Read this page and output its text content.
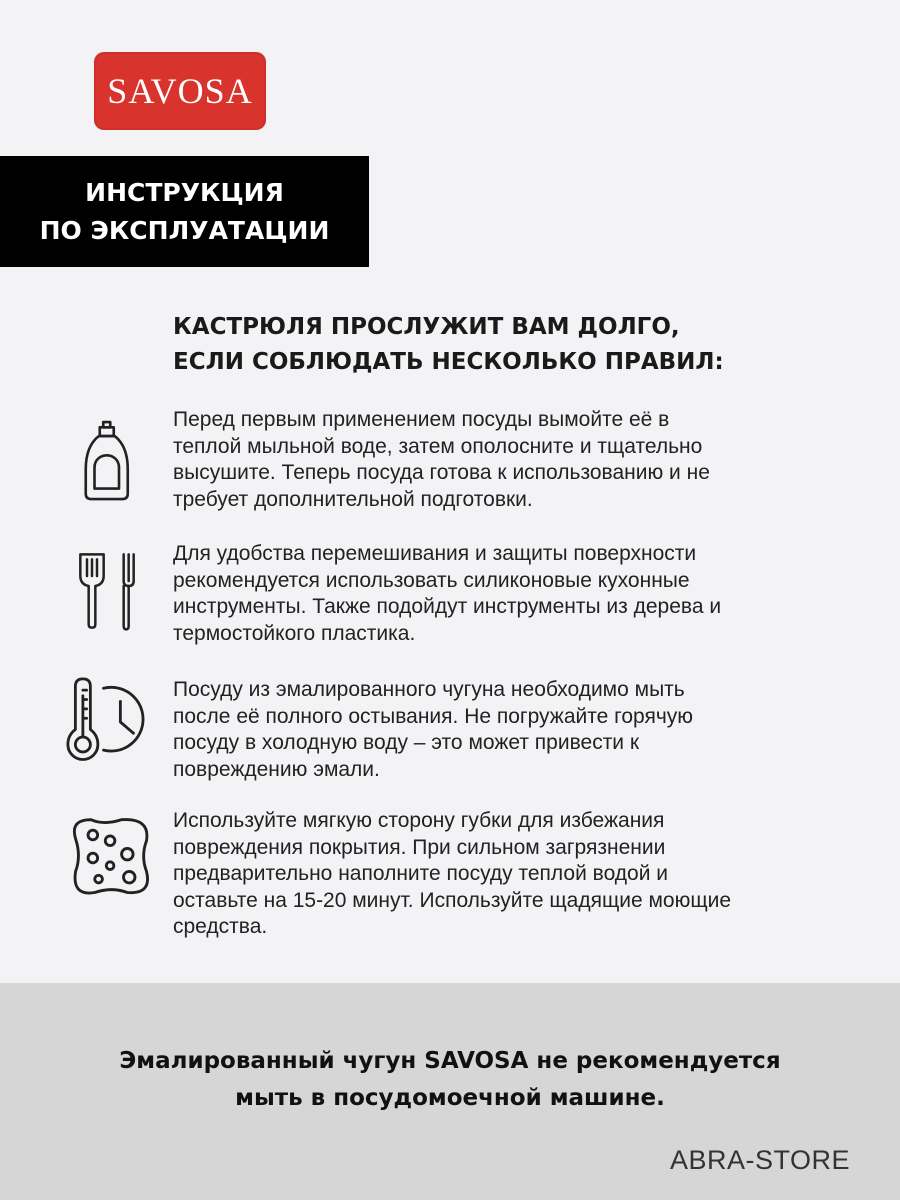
SAVOSA
ИНСТРУКЦИЯ
ПО ЭКСПЛУАТАЦИИ
КАСТРЮЛЯ ПРОСЛУЖИТ ВАМ ДОЛГО,
ЕСЛИ СОБЛЮДАТЬ НЕСКОЛЬКО ПРАВИЛ:
Перед первым применением посуды вымойте её в
теплой мыльной воде, затем ополосните и тщательно
высушите. Теперь посуда готова к использованию и не
требует дополнительной подготовки.
Для удобства перемешивания и защиты поверхности
рекомендуется использовать силиконовые кухонные
инструменты. Также подойдут инструменты из дерева и
термостойкого пластика.
Посуду из эмалированного чугуна необходимо мыть
после её полного остывания. Не погружайте горячую
посуду в холодную воду – это может привести к
повреждению эмали.
Используйте мягкую сторону губки для избежания
повреждения покрытия. При сильном загрязнении
предварительно наполните посуду теплой водой и
оставьте на 15-20 минут. Используйте щадящие моющие
средства.
Эмалированный чугун SAVOSA не рекомендуется
мыть в посудомоечной машине.
ABRA-STORE
